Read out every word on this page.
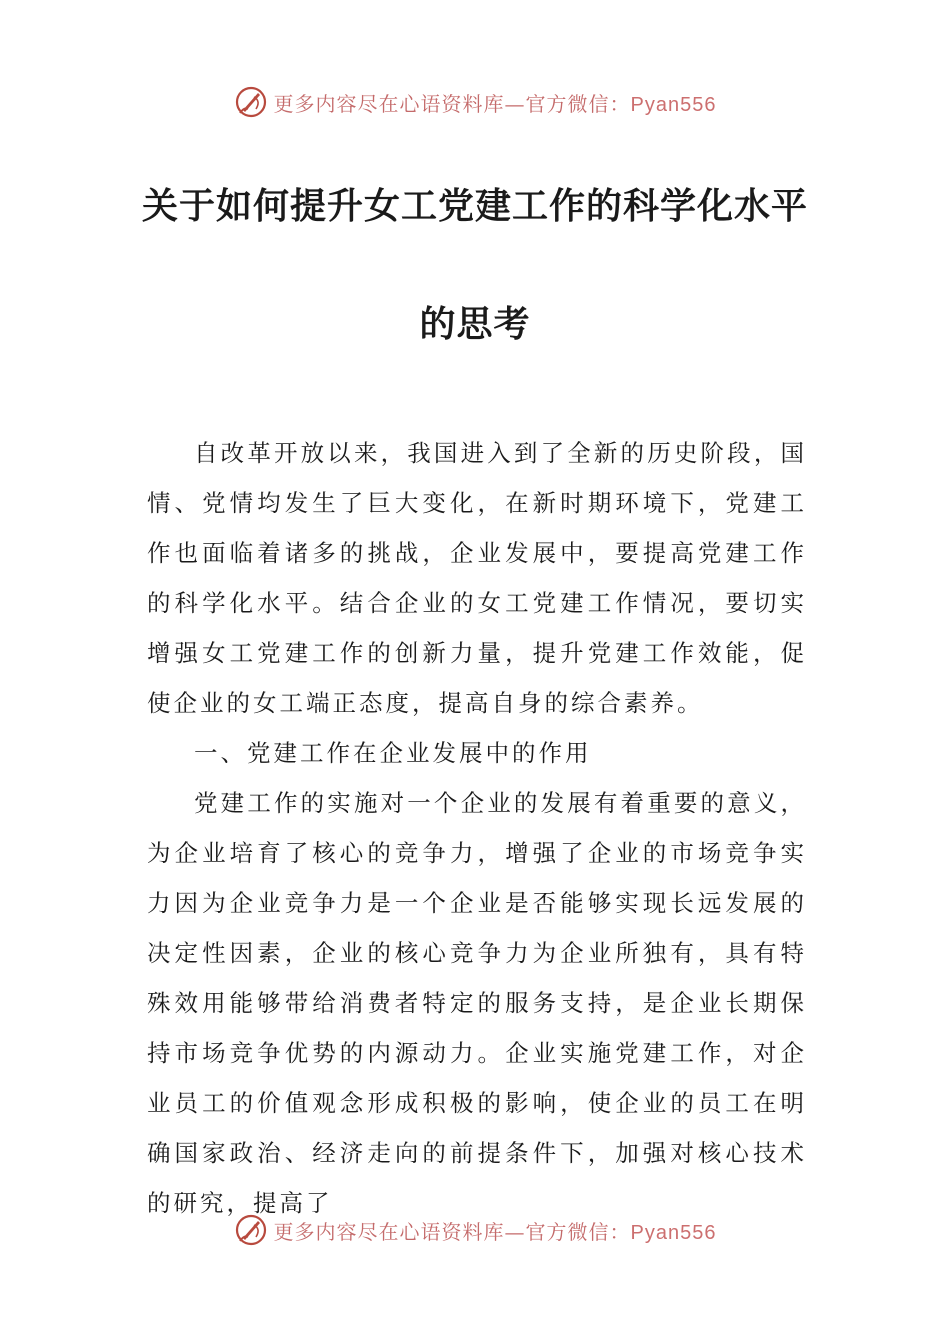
更多内容尽在心语资料库—官方微信：Pyan556
关于如何提升女工党建工作的科学化水平
的思考

自改革开放以来，我国进入到了全新的历史阶段，国情、党情均发生了巨大变化，在新时期环境下，党建工作也面临着诸多的挑战，企业发展中，要提高党建工作的科学化水平。结合企业的女工党建工作情况，要切实增强女工党建工作的创新力量，提升党建工作效能，促使企业的女工端正态度，提高自身的综合素养。

一、党建工作在企业发展中的作用

党建工作的实施对一个企业的发展有着重要的意义，为企业培育了核心的竞争力，增强了企业的市场竞争实力因为企业竞争力是一个企业是否能够实现长远发展的决定性因素，企业的核心竞争力为企业所独有，具有特殊效用能够带给消费者特定的服务支持，是企业长期保持市场竞争优势的内源动力。企业实施党建工作，对企业员工的价值观念形成积极的影响，使企业的员工在明确国家政治、经济走向的前提条件下，加强对核心技术的研究，提高了

更多内容尽在心语资料库—官方微信：Pyan556
